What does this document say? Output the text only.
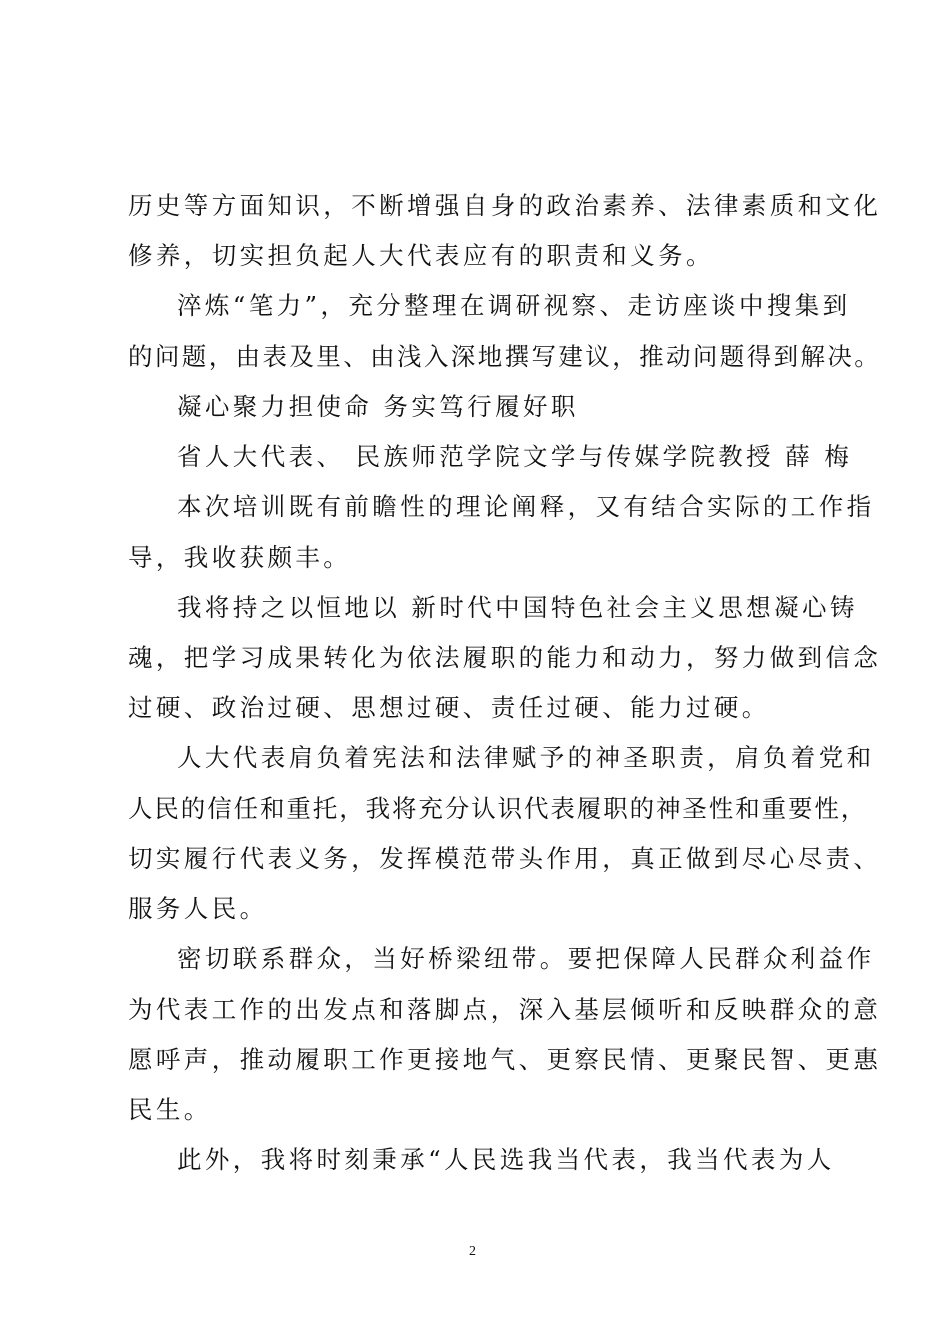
历史等方面知识，不断增强自身的政治素养、法律素质和文化
修养，切实担负起人大代表应有的职责和义务。
淬炼“笔力”，充分整理在调研视察、走访座谈中搜集到
的问题，由表及里、由浅入深地撰写建议，推动问题得到解决。
凝心聚力担使命 务实笃行履好职
省人大代表、 民族师范学院文学与传媒学院教授 薛 梅
本次培训既有前瞻性的理论阐释，又有结合实际的工作指
导，我收获颇丰。
我将持之以恒地以 新时代中国特色社会主义思想凝心铸
魂，把学习成果转化为依法履职的能力和动力，努力做到信念
过硬、政治过硬、思想过硬、责任过硬、能力过硬。
人大代表肩负着宪法和法律赋予的神圣职责，肩负着党和
人民的信任和重托，我将充分认识代表履职的神圣性和重要性，
切实履行代表义务，发挥模范带头作用，真正做到尽心尽责、
服务人民。
密切联系群众，当好桥梁纽带。要把保障人民群众利益作
为代表工作的出发点和落脚点，深入基层倾听和反映群众的意
愿呼声，推动履职工作更接地气、更察民情、更聚民智、更惠
民生。
此外，我将时刻秉承“人民选我当代表，我当代表为人
2
